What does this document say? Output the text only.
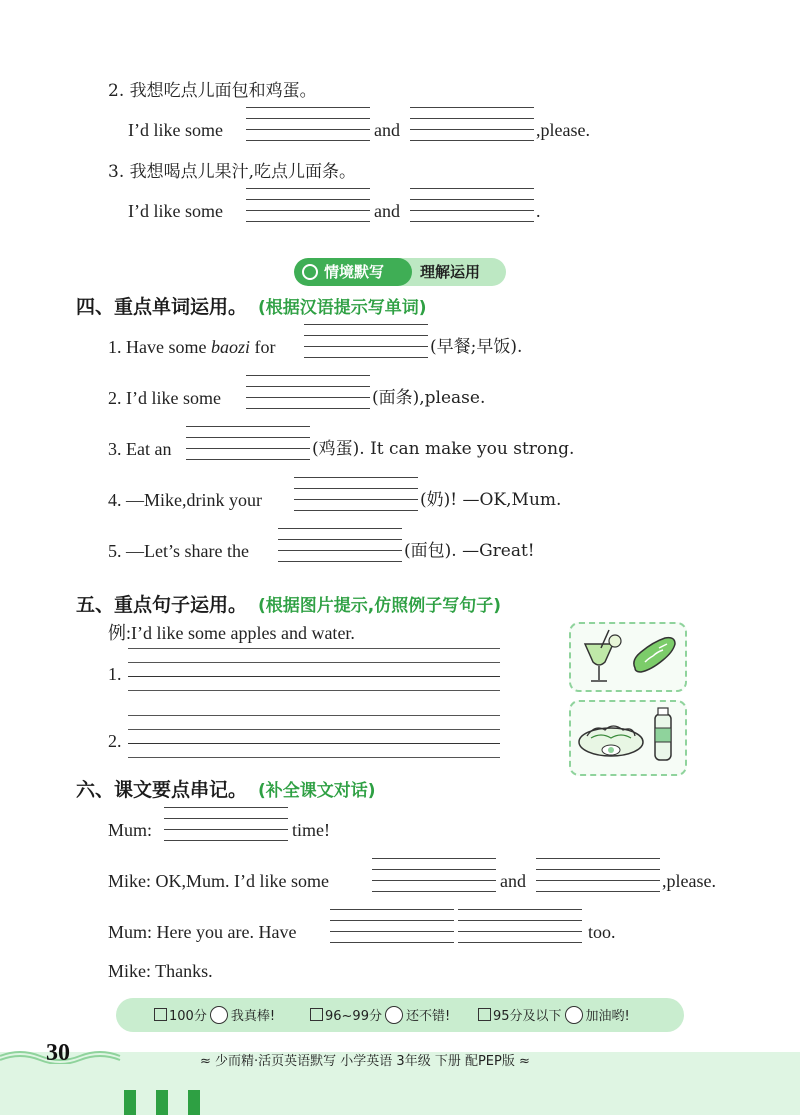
2. 我想吃点儿面包和鸡蛋。
I’d like some	and	,please.
3. 我想喝点儿果汁,吃点儿面条。
I’d like some	and	.
情境默写 理解运用
四、重点单词运用。 (根据汉语提示写单词)
1. Have some baozi for	(早餐;早饭).
2. I’d like some	(面条),please.
3. Eat an	(鸡蛋). It can make you strong.
4. —Mike,drink your	(奶)! —OK,Mum.
5. —Let’s share the	(面包). —Great!
五、重点句子运用。 (根据图片提示,仿照例子写句子)
例:I’d like some apples and water.
1.
2.
六、课文要点串记。 (补全课文对话)
Mum:	time!
Mike: OK,Mum. I’d like some	and	,please.
Mum: Here you are. Have	too.
Mike: Thanks.
100分 我真棒!	96~99分 还不错!	95分及以下 加油哟!
30	≈ 少而精·活页英语默写 小学英语 3年级 下册 配PEP版 ≈
